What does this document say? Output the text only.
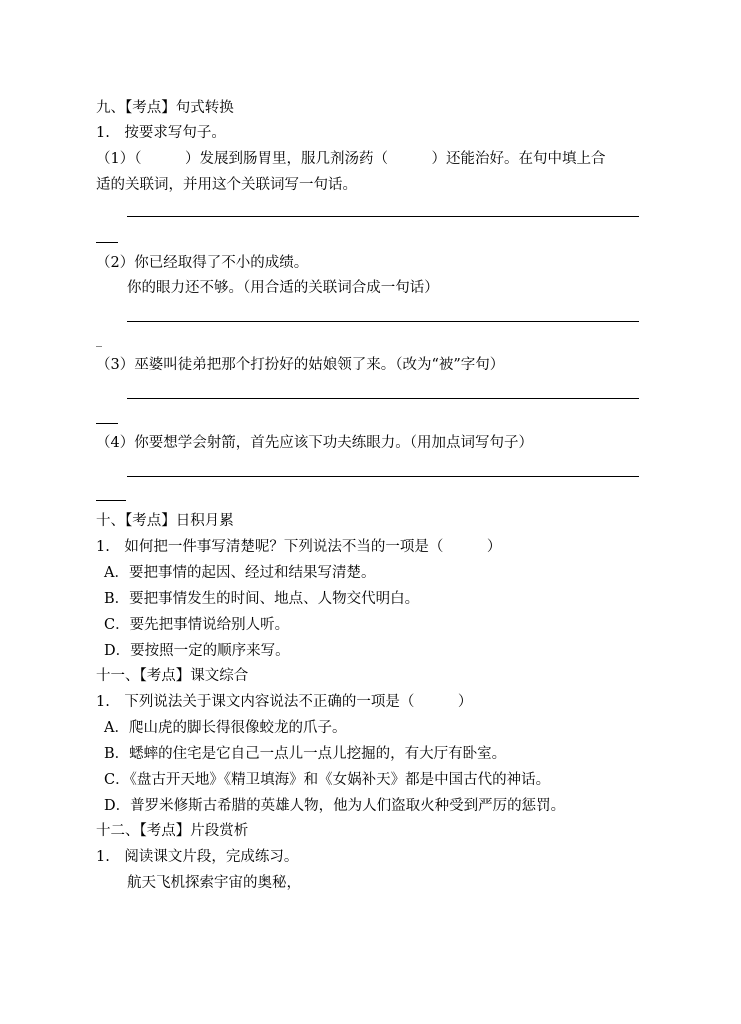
九、【考点】句式转换
1.　按要求写句子。
（1）（　　　）发展到肠胃里，服几剂汤药（　　　）还能治好。在句中填上合
适的关联词，并用这个关联词写一句话。
（2）你已经取得了不小的成绩。
你的眼力还不够。（用合适的关联词合成一句话）
_
（3）巫婆叫徒弟把那个打扮好的姑娘领了来。（改为“被”字句）
（4）你要想学会射箭，首先应该下功夫练眼力。（用加点词写句子）
十、【考点】日积月累
1.　如何把一件事写清楚呢？下列说法不当的一项是（　　　）
A．要把事情的起因、经过和结果写清楚。
B．要把事情发生的时间、地点、人物交代明白。
C．要先把事情说给别人听。
D．要按照一定的顺序来写。
十一、【考点】课文综合
1.　下列说法关于课文内容说法不正确的一项是（　　　）
A．爬山虎的脚长得很像蛟龙的爪子。
B．蟋蟀的住宅是它自己一点儿一点儿挖掘的，有大厅有卧室。
C．《盘古开天地》《精卫填海》和《女娲补天》都是中国古代的神话。
D．普罗米修斯古希腊的英雄人物，他为人们盗取火种受到严厉的惩罚。
十二、【考点】片段赏析
1.　阅读课文片段，完成练习。
航天飞机探索宇宙的奥秘，
